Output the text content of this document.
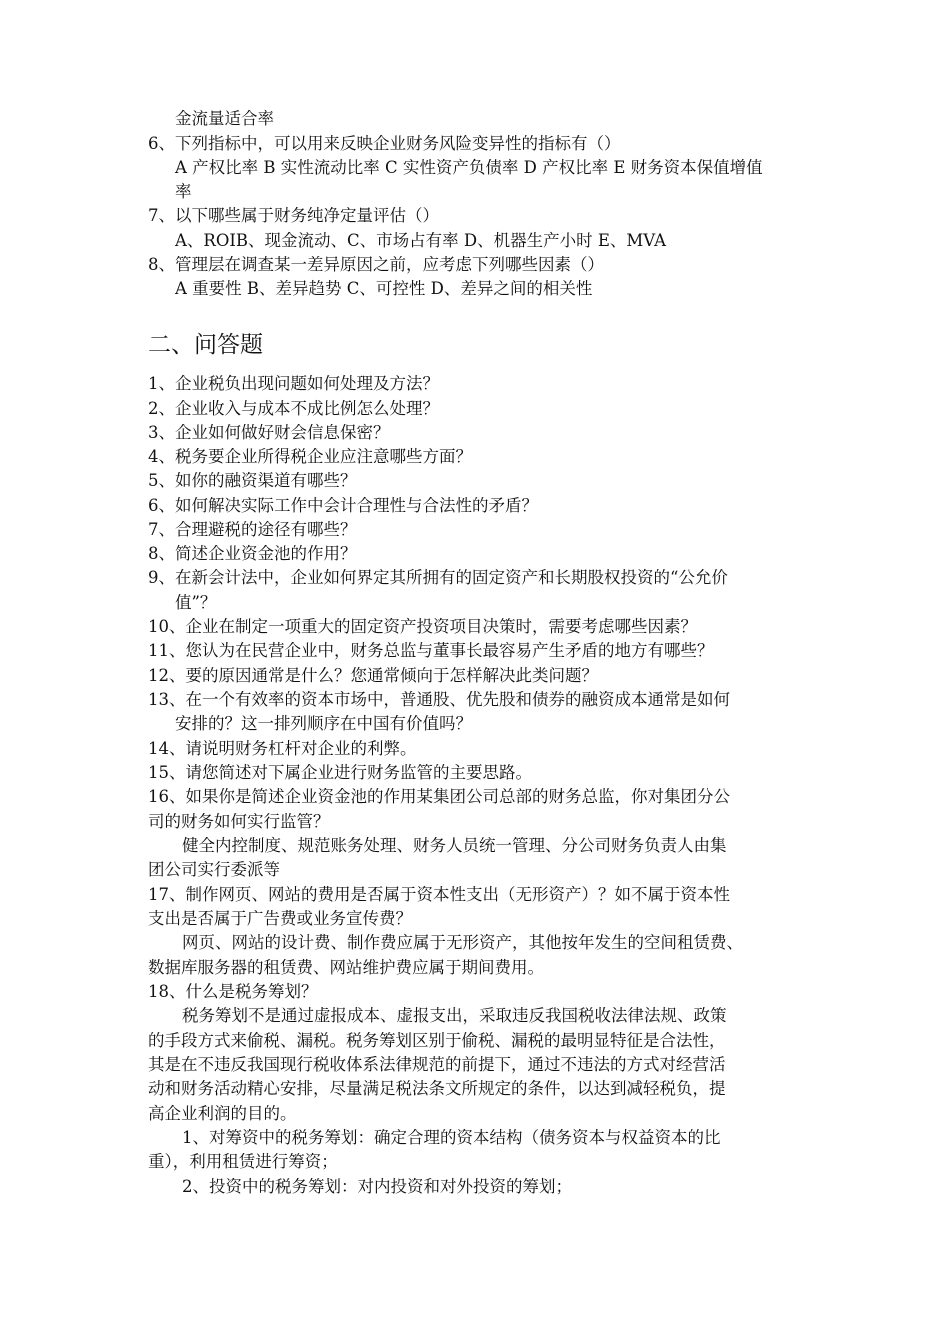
金流量适合率
6、下列指标中，可以用来反映企业财务风险变异性的指标有（）
A 产权比率 B 实性流动比率 C 实性资产负债率 D 产权比率 E 财务资本保值增值
率
7、以下哪些属于财务纯净定量评估（）
A、ROIB、现金流动、C、市场占有率 D、机器生产小时 E、MVA
8、管理层在调查某一差异原因之前，应考虑下列哪些因素（）
A 重要性 B、差异趋势 C、可控性 D、差异之间的相关性
二、问答题
1、企业税负出现问题如何处理及方法？
2、企业收入与成本不成比例怎么处理？
3、企业如何做好财会信息保密？
4、税务要企业所得税企业应注意哪些方面？
5、如你的融资渠道有哪些？
6、如何解决实际工作中会计合理性与合法性的矛盾？
7、合理避税的途径有哪些？
8、简述企业资金池的作用？
9、在新会计法中，企业如何界定其所拥有的固定资产和长期股权投资的“公允价
值”？
10、企业在制定一项重大的固定资产投资项目决策时，需要考虑哪些因素？
11、您认为在民营企业中，财务总监与董事长最容易产生矛盾的地方有哪些？
12、要的原因通常是什么？您通常倾向于怎样解决此类问题？
13、在一个有效率的资本市场中，普通股、优先股和债券的融资成本通常是如何
安排的？这一排列顺序在中国有价值吗？
14、请说明财务杠杆对企业的利弊。
15、请您简述对下属企业进行财务监管的主要思路。
16、如果你是简述企业资金池的作用某集团公司总部的财务总监，你对集团分公
司的财务如何实行监管？
健全内控制度、规范账务处理、财务人员统一管理、分公司财务负责人由集
团公司实行委派等
17、制作网页、网站的费用是否属于资本性支出（无形资产）？如不属于资本性
支出是否属于广告费或业务宣传费？
网页、网站的设计费、制作费应属于无形资产，其他按年发生的空间租赁费、
数据库服务器的租赁费、网站维护费应属于期间费用。
18、什么是税务筹划？
税务筹划不是通过虚报成本、虚报支出，采取违反我国税收法律法规、政策
的手段方式来偷税、漏税。税务筹划区别于偷税、漏税的最明显特征是合法性，
其是在不违反我国现行税收体系法律规范的前提下，通过不违法的方式对经营活
动和财务活动精心安排，尽量满足税法条文所规定的条件，以达到减轻税负，提
高企业利润的目的。
1、对筹资中的税务筹划：确定合理的资本结构（债务资本与权益资本的比
重），利用租赁进行筹资；
2、投资中的税务筹划：对内投资和对外投资的筹划；
